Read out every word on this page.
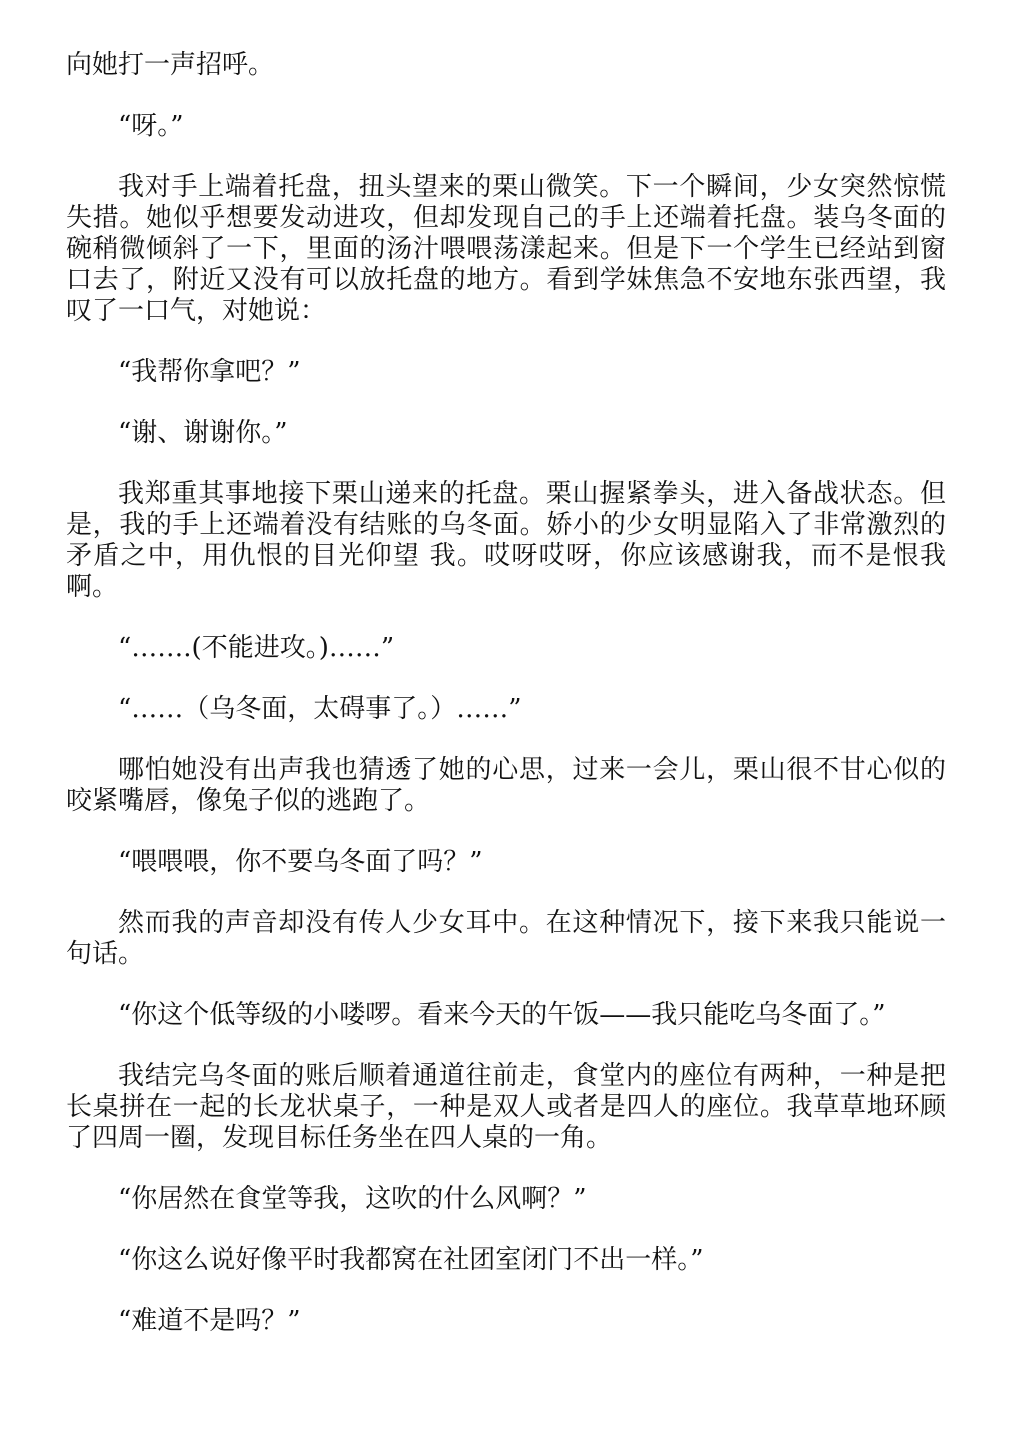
向她打一声招呼。

“呀。”

我对手上端着托盘，扭头望来的栗山微笑。下一个瞬间，少女突然惊慌失措。她似乎想要发动进攻，但却发现自己的手上还端着托盘。装乌冬面的碗稍微倾斜了一下，里面的汤汁喂喂荡漾起来。但是下一个学生已经站到窗口去了，附近又没有可以放托盘的地方。看到学妹焦急不安地东张西望，我叹了一口气，对她说：

“我帮你拿吧？”

“谢、谢谢你。”

我郑重其事地接下栗山递来的托盘。栗山握紧拳头，进入备战状态。但是，我的手上还端着没有结账的乌冬面。娇小的少女明显陷入了非常激烈的矛盾之中，用仇恨的目光仰望 我。哎呀哎呀，你应该感谢我，而不是恨我啊。

“…….(不能进攻。)……”

“……（乌冬面，太碍事了。）……”

哪怕她没有出声我也猜透了她的心思，过来一会儿，栗山很不甘心似的咬紧嘴唇，像兔子似的逃跑了。

“喂喂喂，你不要乌冬面了吗？”

然而我的声音却没有传人少女耳中。在这种情况下，接下来我只能说一句话。

“你这个低等级的小喽啰。看来今天的午饭——我只能吃乌冬面了。”

我结完乌冬面的账后顺着通道往前走，食堂内的座位有两种，一种是把长桌拼在一起的长龙状桌子，一种是双人或者是四人的座位。我草草地环顾了四周一圈，发现目标任务坐在四人桌的一角。

“你居然在食堂等我，这吹的什么风啊？”

“你这么说好像平时我都窝在社团室闭门不出一样。”

“难道不是吗？”
